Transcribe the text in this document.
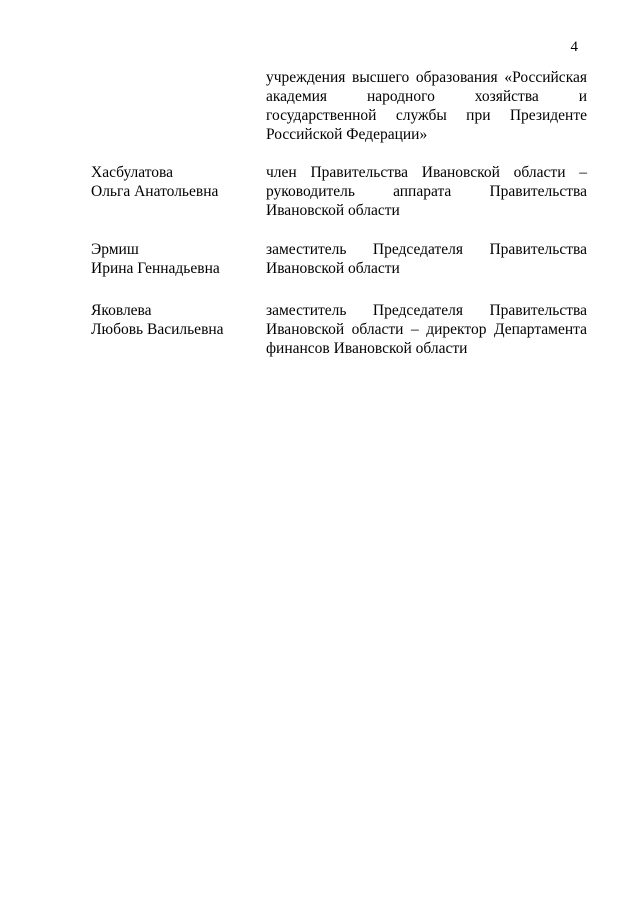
4
учреждения высшего образования «Российская
академия народного хозяйства и
государственной службы при Президенте
Российской Федерации»
Хасбулатова
Ольга Анатольевна
член Правительства Ивановской области –
руководитель аппарата Правительства
Ивановской области
Эрмиш
Ирина Геннадьевна
заместитель Председателя Правительства
Ивановской области
Яковлева
Любовь Васильевна
заместитель Председателя Правительства
Ивановской области – директор Департамента
финансов Ивановской области
